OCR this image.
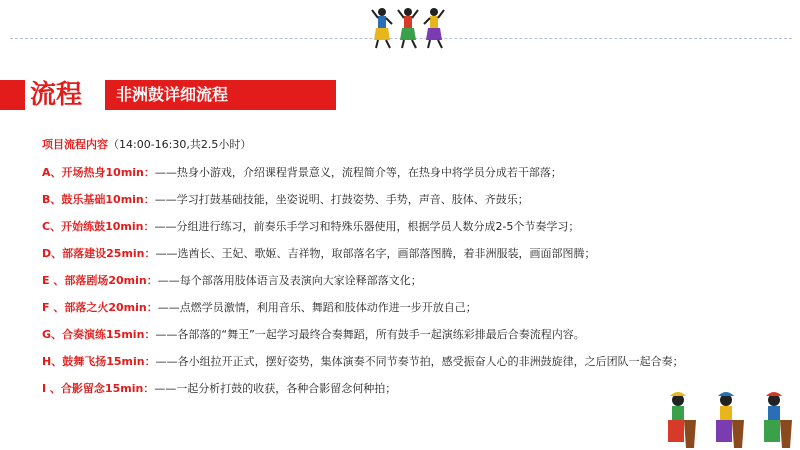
流程 非洲鼓详细流程
项目流程内容（14:00-16:30,共2.5小时）
A、开场热身10min：——热身小游戏，介绍课程背景意义，流程简介等，在热身中将学员分成若干部落；
B、鼓乐基础10min：——学习打鼓基础技能，坐姿说明、打鼓姿势、手势，声音、肢体、齐鼓乐；
C、开始练鼓10min：——分组进行练习，前奏乐手学习和特殊乐器使用，根据学员人数分成2-5个节奏学习；
D、部落建设25min：——选酋长、王妃、歌姬、吉祥物，取部落名字，画部落图腾，着非洲服装，画面部图腾；
E 、部落剧场20min：——每个部落用肢体语言及表演向大家诠释部落文化；
F 、部落之火20min：——点燃学员激情，利用音乐、舞蹈和肢体动作进一步开放自己；
G、合奏演练15min：——各部落的“舞王”一起学习最终合奏舞蹈，所有鼓手一起演练彩排最后合奏流程内容。
H、鼓舞飞扬15min：——各小组拉开正式，摆好姿势，集体演奏不同节奏节拍，感受振奋人心的非洲鼓旋律，之后团队一起合奏；
I 、合影留念15min：——一起分析打鼓的收获，各种合影留念何种拍；
